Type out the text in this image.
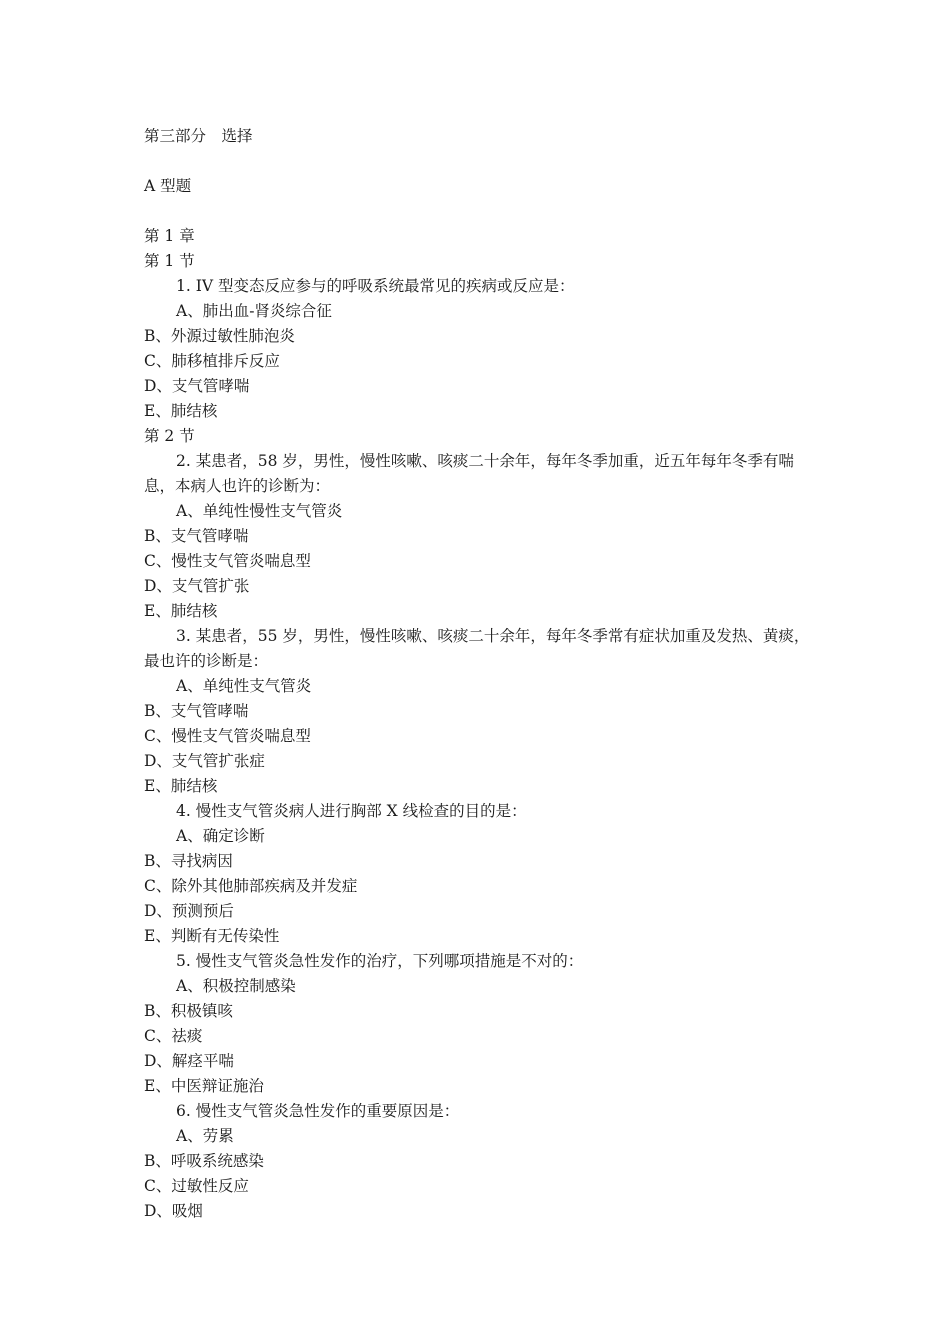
第三部分　选择
A 型题
第 1 章
第 1 节
1. IV 型变态反应参与的呼吸系统最常见的疾病或反应是：
A、肺出血-肾炎综合征
B、外源过敏性肺泡炎
C、肺移植排斥反应
D、支气管哮喘
E、肺结核
第 2 节
2. 某患者，58 岁，男性，慢性咳嗽、咳痰二十余年，每年冬季加重，近五年每年冬季有喘息，本病人也许的诊断为：
A、单纯性慢性支气管炎
B、支气管哮喘
C、慢性支气管炎喘息型
D、支气管扩张
E、肺结核
3. 某患者，55 岁，男性，慢性咳嗽、咳痰二十余年，每年冬季常有症状加重及发热、黄痰，最也许的诊断是：
A、单纯性支气管炎
B、支气管哮喘
C、慢性支气管炎喘息型
D、支气管扩张症
E、肺结核
4. 慢性支气管炎病人进行胸部 X 线检查的目的是：
A、确定诊断
B、寻找病因
C、除外其他肺部疾病及并发症
D、预测预后
E、判断有无传染性
5. 慢性支气管炎急性发作的治疗，下列哪项措施是不对的：
A、积极控制感染
B、积极镇咳
C、祛痰
D、解痉平喘
E、中医辩证施治
6. 慢性支气管炎急性发作的重要原因是：
A、劳累
B、呼吸系统感染
C、过敏性反应
D、吸烟
